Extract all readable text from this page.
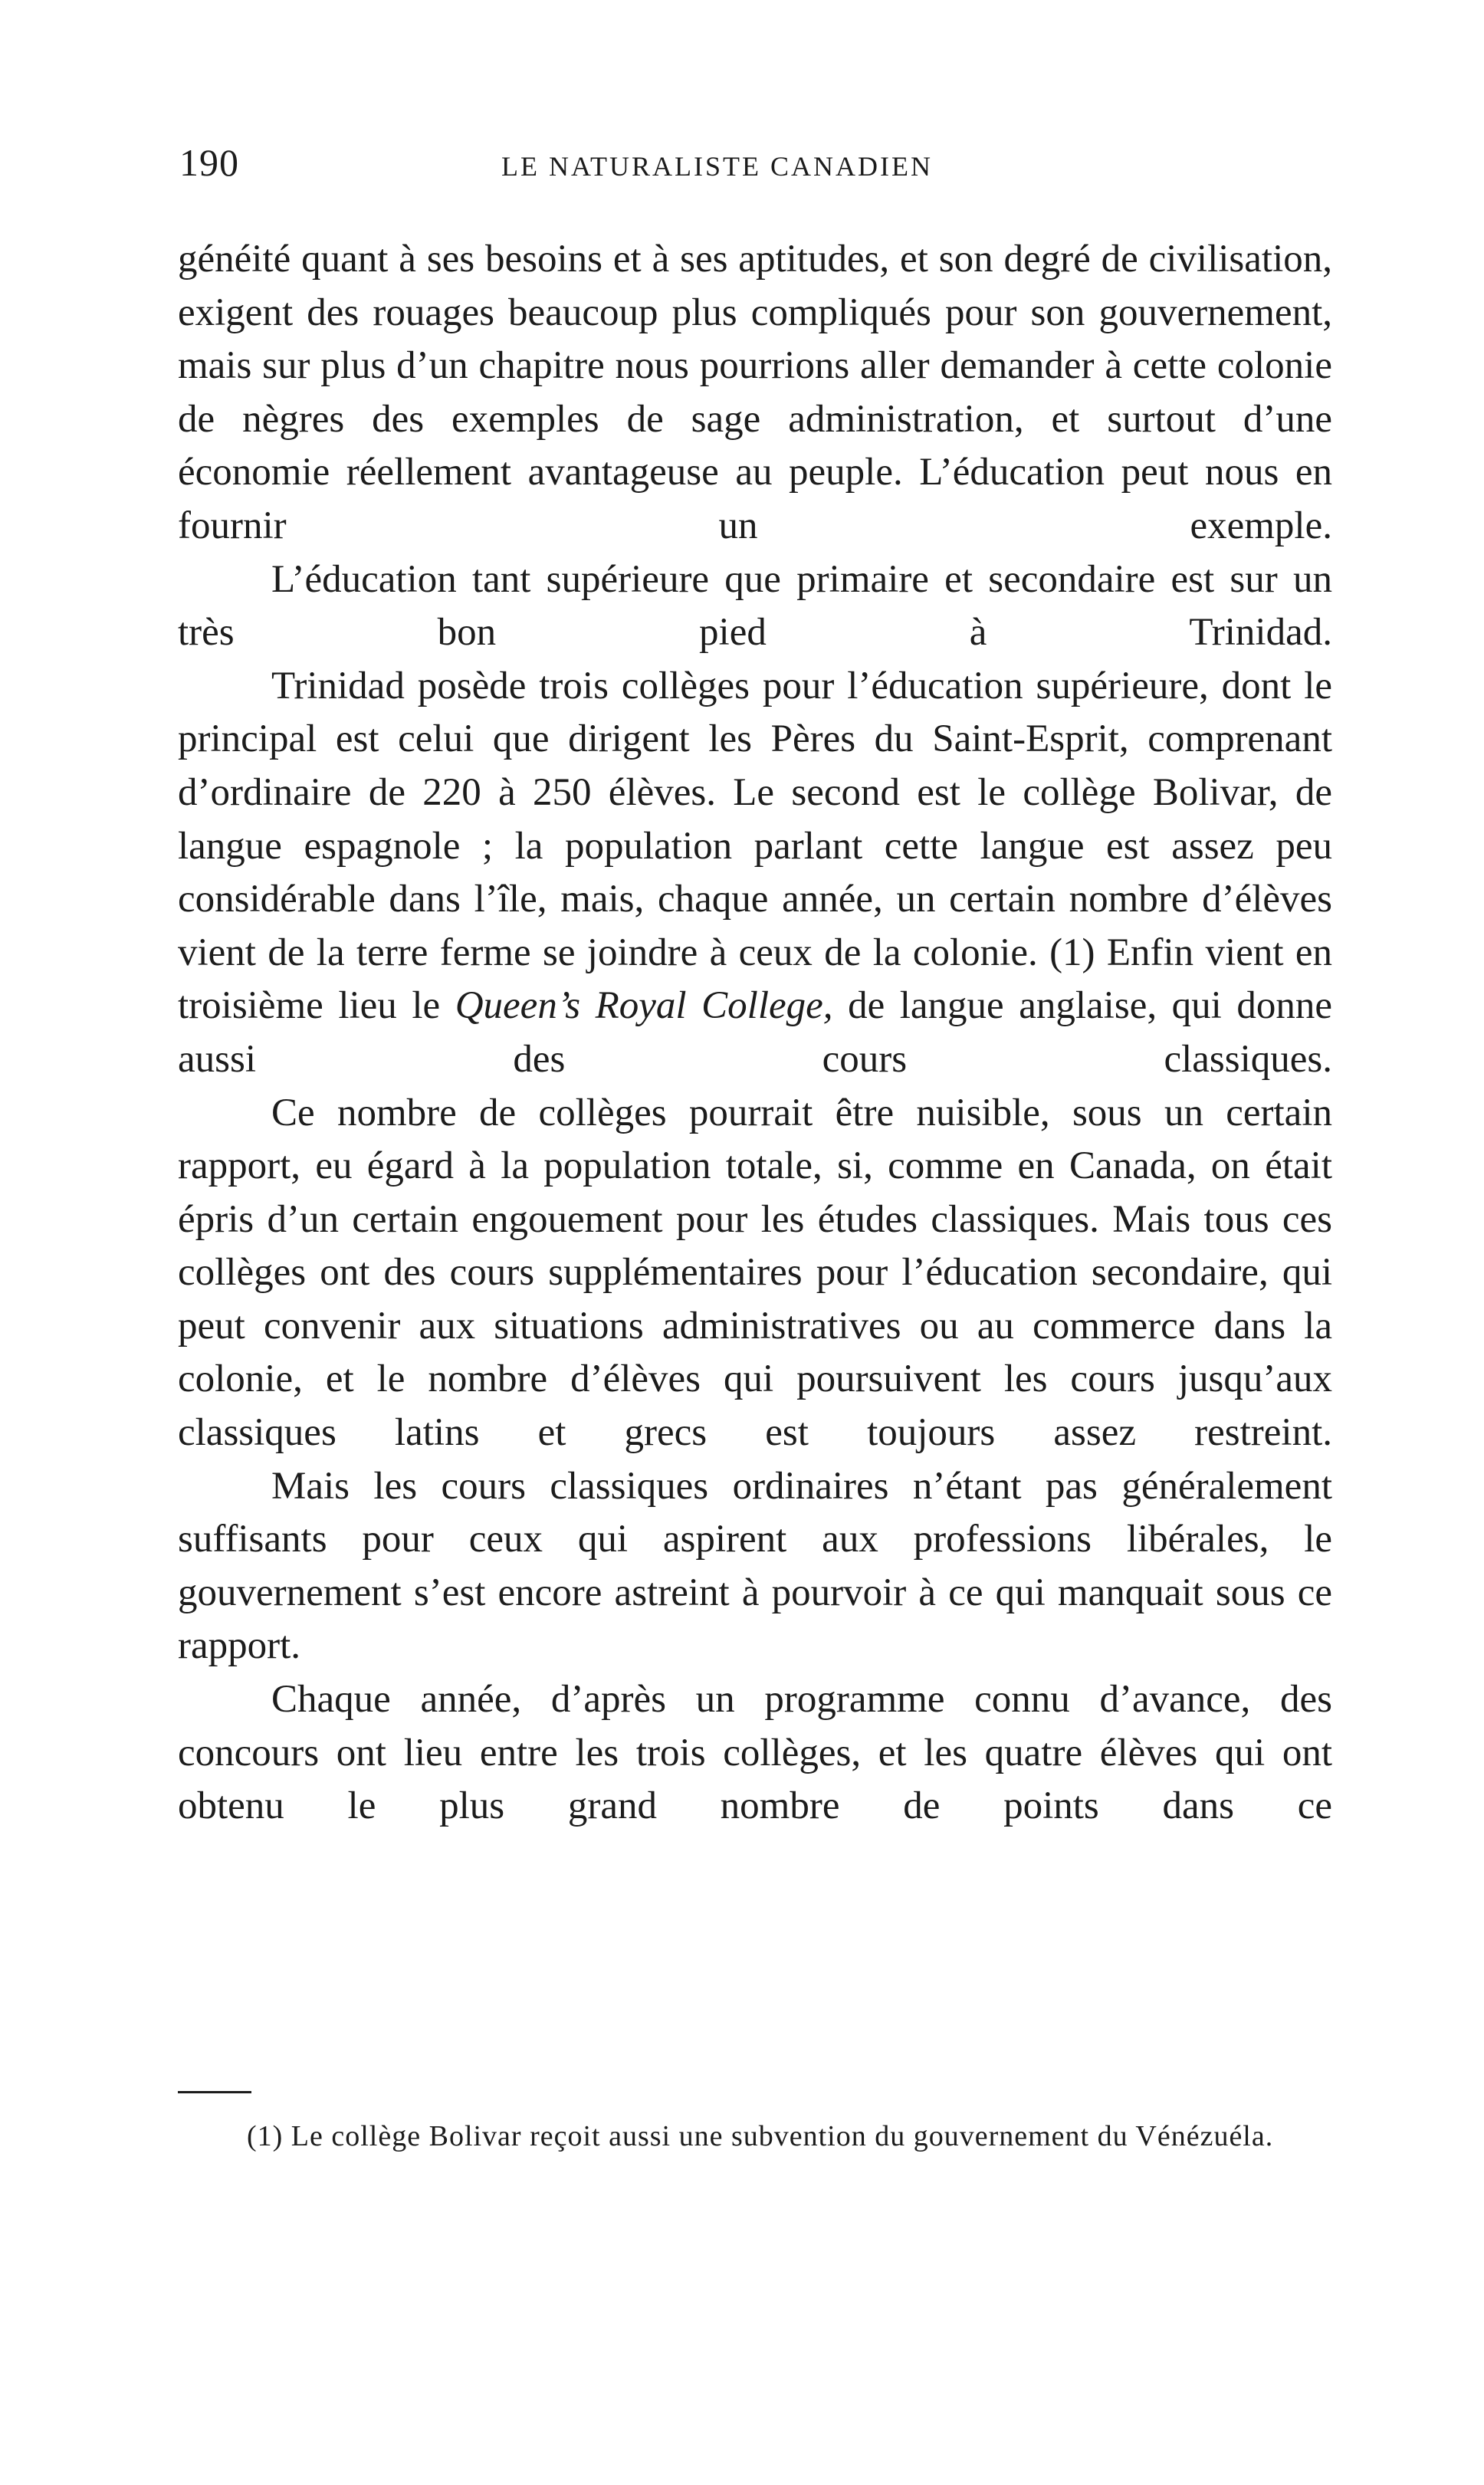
190	LE NATURALISTE CANADIEN

généité quant à ses besoins et à ses aptitudes, et son degré de civilisation, exigent des rouages beaucoup plus compliqués pour son gouvernement, mais sur plus d’un chapitre nous pourrions aller demander à cette colonie de nègres des exemples de sage administration, et surtout d’une économie réellement avantageuse au peuple. L’éducation peut nous en fournir un exemple.

L’éducation tant supérieure que primaire et secondaire est sur un très bon pied à Trinidad.

Trinidad posède trois collèges pour l’éducation supérieure, dont le principal est celui que dirigent les Pères du Saint-Esprit, comprenant d’ordinaire de 220 à 250 élèves. Le second est le collège Bolivar, de langue espagnole ; la population parlant cette langue est assez peu considérable dans l’île, mais, chaque année, un certain nombre d’élèves vient de la terre ferme se joindre à ceux de la colonie. (1) Enfin vient en troisième lieu le Queen’s Royal College, de langue anglaise, qui donne aussi des cours classiques.

Ce nombre de collèges pourrait être nuisible, sous un certain rapport, eu égard à la population totale, si, comme en Canada, on était épris d’un certain engouement pour les études classiques. Mais tous ces collèges ont des cours supplémentaires pour l’éducation secondaire, qui peut convenir aux situations administratives ou au commerce dans la colonie, et le nombre d’élèves qui poursuivent les cours jusqu’aux classiques latins et grecs est toujours assez restreint.

Mais les cours classiques ordinaires n’étant pas généralement suffisants pour ceux qui aspirent aux professions libérales, le gouvernement s’est encore astreint à pourvoir à ce qui manquait sous ce rapport.

Chaque année, d’après un programme connu d’avance, des concours ont lieu entre les trois collèges, et les quatre élèves qui ont obtenu le plus grand nombre de points dans ce

(1) Le collège Bolivar reçoit aussi une subvention du gouvernement du Vénézuéla.
